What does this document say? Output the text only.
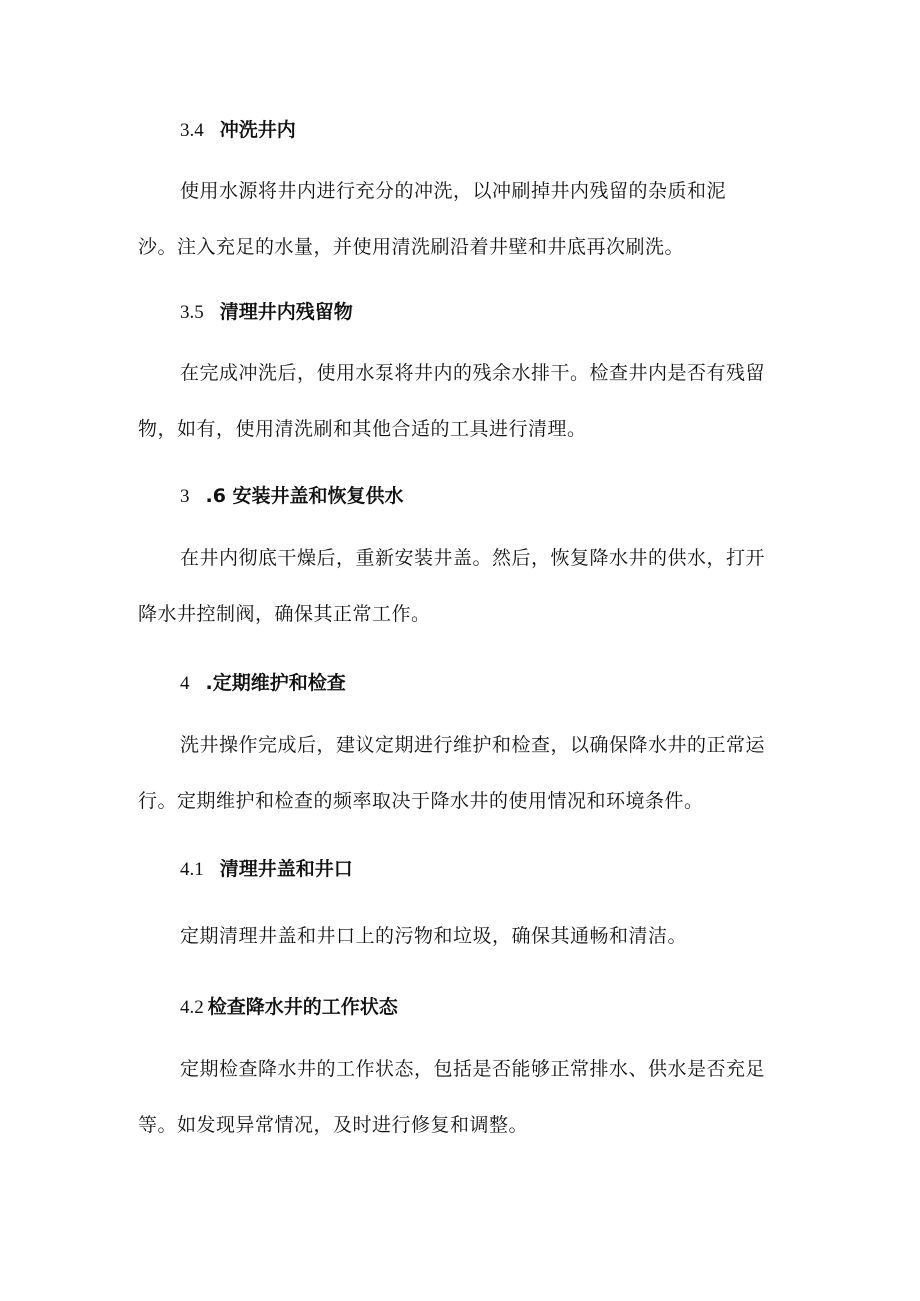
3.4 冲洗井内
使用水源将井内进行充分的冲洗，以冲刷掉井内残留的杂质和泥
沙。注入充足的水量，并使用清洗刷沿着井壁和井底再次刷洗。
3.5 清理井内残留物
在完成冲洗后，使用水泵将井内的残余水排干。检查井内是否有残留
物，如有，使用清洗刷和其他合适的工具进行清理。
3 .6 安装井盖和恢复供水
在井内彻底干燥后，重新安装井盖。然后，恢复降水井的供水，打开
降水井控制阀，确保其正常工作。
4 .定期维护和检查
洗井操作完成后，建议定期进行维护和检查，以确保降水井的正常运
行。定期维护和检查的频率取决于降水井的使用情况和环境条件。
4.1 清理井盖和井口
定期清理井盖和井口上的污物和垃圾，确保其通畅和清洁。
4.2 检查降水井的工作状态
定期检查降水井的工作状态，包括是否能够正常排水、供水是否充足
等。如发现异常情况，及时进行修复和调整。
